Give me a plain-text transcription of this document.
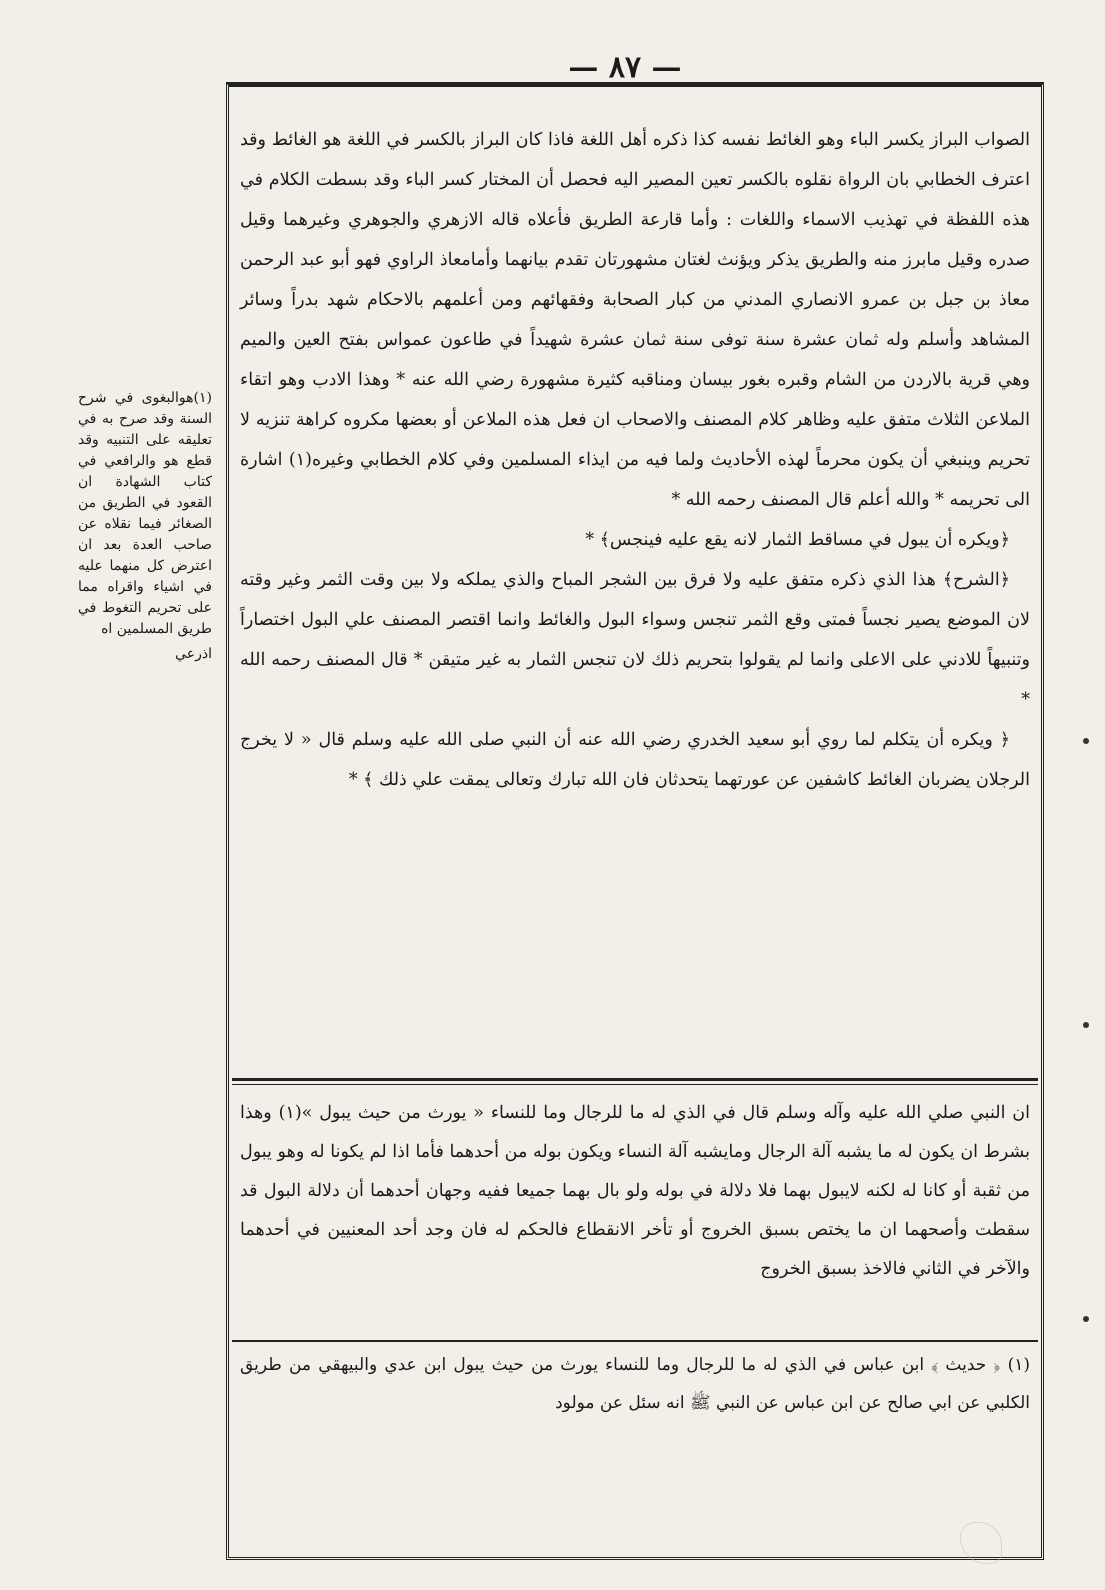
— ٨٧ —

الصواب البراز يكسر الباء وهو الغائط نفسه كذا ذكره أهل اللغة فاذا كان البراز بالكسر في اللغة هو الغائط وقد اعترف الخطابي بان الرواة نقلوه بالكسر تعين المصير اليه فحصل أن المختار كسر الباء وقد بسطت الكلام في هذه اللفظة في تهذيب الاسماء واللغات : وأما قارعة الطريق فأعلاه قاله الازهري والجوهري وغيرهما وقيل صدره وقيل مابرز منه والطريق يذكر ويؤنث لغتان مشهورتان تقدم بيانهما وأمامعاذ الراوي فهو أبو عبد الرحمن معاذ بن جبل بن عمرو الانصاري المدني من كبار الصحابة وفقهائهم ومن أعلمهم بالاحكام شهد بدراً وسائر المشاهد وأسلم وله ثمان عشرة سنة توفى سنة ثمان عشرة شهيداً في طاعون عمواس بفتح العين والميم وهي قرية بالاردن من الشام وقبره بغور بيسان ومناقبه كثيرة مشهورة رضي الله عنه * وهذا الادب وهو اتقاء الملاعن الثلاث متفق عليه وظاهر كلام المصنف والاصحاب ان فعل هذه الملاعن أو بعضها مكروه كراهة تنزيه لا تحريم وينبغي أن يكون محرماً لهذه الأحاديث ولما فيه من ايذاء المسلمين وفي كلام الخطابي وغيره(١) اشارة الى تحريمه * والله أعلم قال المصنف رحمه الله *

﴿ويكره أن يبول في مساقط الثمار لانه يقع عليه فينجس﴾ *

﴿الشرح﴾ هذا الذي ذكره متفق عليه ولا فرق بين الشجر المباح والذي يملكه ولا بين وقت الثمر وغير وقته لان الموضع يصير نجساً فمتى وقع الثمر تنجس وسواء البول والغائط وانما اقتصر المصنف علي البول اختصاراً وتنبيهاً للادني على الاعلى وانما لم يقولوا بتحريم ذلك لان تنجس الثمار به غير متيقن * قال المصنف رحمه الله *

﴿ ويكره أن يتكلم لما روي أبو سعيد الخدري رضي الله عنه أن النبي صلى الله عليه وسلم قال « لا يخرج الرجلان يضربان الغائط كاشفين عن عورتهما يتحدثان فان الله تبارك وتعالى يمقت علي ذلك ﴾ *

ان النبي صلي الله عليه وآله وسلم قال في الذي له ما للرجال وما للنساء « يورث من حيث يبول »(١) وهذا بشرط ان يكون له ما يشبه آلة الرجال ومايشبه آلة النساء ويكون بوله من أحدهما فأما اذا لم يكونا له وهو يبول من ثقبة أو كانا له لكنه لايبول بهما فلا دلالة في بوله ولو بال بهما جميعا ففيه وجهان أحدهما أن دلالة البول قد سقطت وأصحهما ان ما يختص بسبق الخروج أو تأخر الانقطاع فالحكم له فان وجد أحد المعنيين في أحدهما والآخر في الثاني فالاخذ بسبق الخروج
(١) ﴿ حديث ﴾ ابن عباس في الذي له ما للرجال وما للنساء يورث من حيث يبول ابن عدي والبيهقي من طريق الكلبي عن ابي صالح عن ابن عباس عن النبي ﷺ انه سئل عن مولود

(١)هوالبغوى في شرح السنة وقد صرح به في تعليقه على التنبيه وقد قطع هو والرافعي في كتاب الشهادة ان القعود في الطريق من الصغائر فيما نقلاه عن صاحب العدة بعد ان اعترض كل منهما عليه في اشياء واقراه مما على تحريم التغوط في طريق المسلمين اه

اذرعي
